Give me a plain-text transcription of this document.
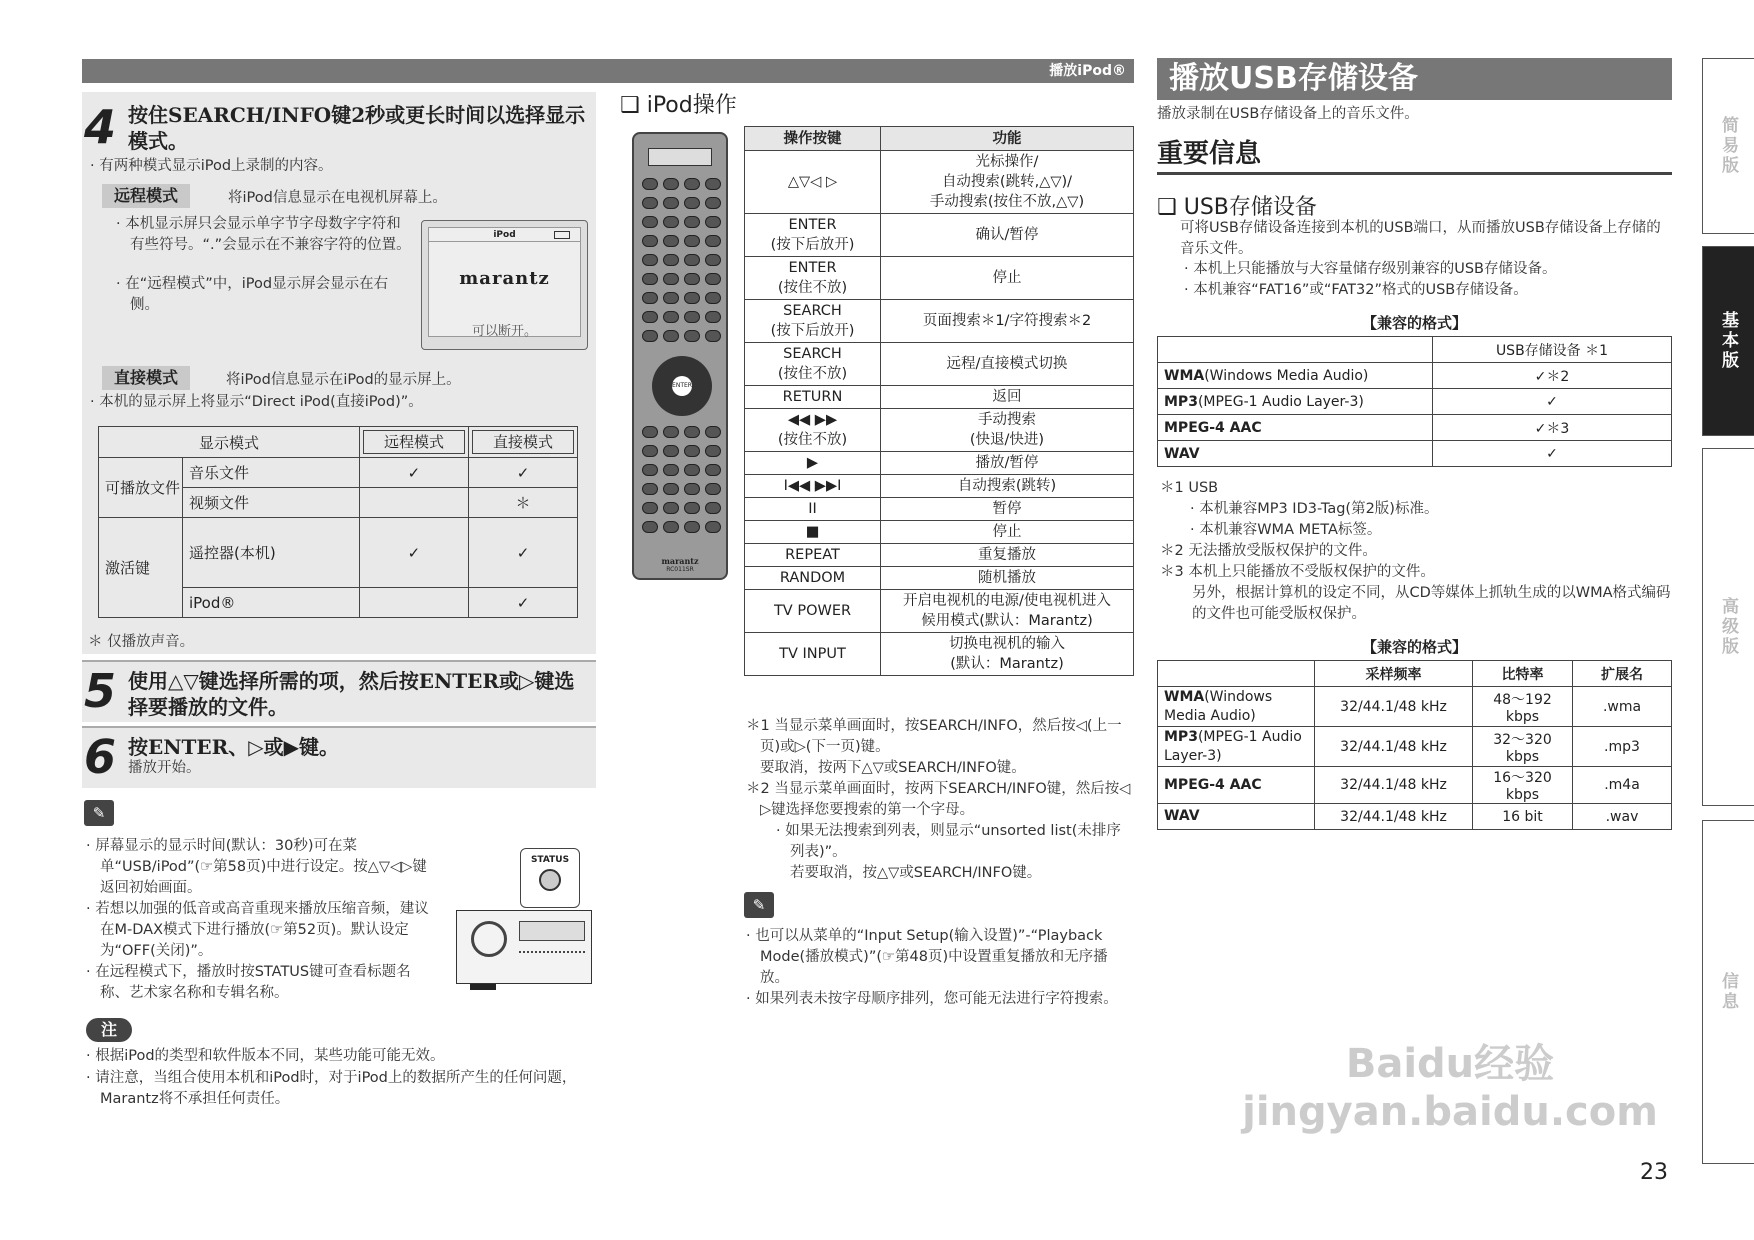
播放iPod®
4 按住SEARCH/INFO键2秒或更长时间以选择显示模式。
· 有两种模式显示iPod上录制的内容。
远程模式	将iPod信息显示在电视机屏幕上。
· 本机显示屏只会显示单字节字母数字字符和有些符号。“.”会显示在不兼容字符的位置。
· 在“远程模式”中，iPod显示屏会显示在右侧。
iPod
marantz
可以断开。
直接模式	将iPod信息显示在iPod的显示屏上。
· 本机的显示屏上将显示“Direct iPod(直接iPod)”。
显示模式		远程模式	直接模式

可播放文件	音乐文件	✓	✓
	视频文件		＊
激活键	遥控器(本机)	✓	✓
	iPod®		✓
＊ 仅播放声音。
5 使用△▽键选择所需的项，然后按ENTER或▷键选择要播放的文件。
6 按ENTER、▷或▶键。
播放开始。
✎
· 屏幕显示的显示时间(默认：30秒)可在菜单“USB/iPod”(☞第58页)中进行设定。按△▽◁▷键返回初始画面。
· 若想以加强的低音或高音重现来播放压缩音频，建议在M-DAX模式下进行播放(☞第52页)。默认设定为“OFF(关闭)”。
· 在远程模式下，播放时按STATUS键可查看标题名称、艺术家名称和专辑名称。
STATUS
注
· 根据iPod的类型和软件版本不同，某些功能可能无效。
· 请注意，当组合使用本机和iPod时，对于iPod上的数据所产生的任何问题，Marantz将不承担任何责任。
❑ iPod操作
ENTER
marantz
RC011SR
操作按键	功能
△▽◁ ▷	光标操作/
自动搜索(跳转,△▽)/
手动搜索(按住不放,△▽)
ENTER
(按下后放开)	确认/暂停
ENTER
(按住不放)	停止
SEARCH
(按下后放开)	页面搜索＊1/字符搜索＊2
SEARCH
(按住不放)	远程/直接模式切换
RETURN	返回
◀◀ ▶▶
(按住不放)	手动搜索
(快退/快进)
▶	播放/暂停
I◀◀ ▶▶I	自动搜索(跳转)
II	暂停
■	停止
REPEAT	重复播放
RANDOM	随机播放
TV POWER	开启电视机的电源/使电视机进入
候用模式(默认：Marantz)
TV INPUT	切换电视机的输入
(默认：Marantz)
＊1 当显示菜单画面时，按SEARCH/INFO，然后按◁(上一页)或▷(下一页)键。
要取消，按两下△▽或SEARCH/INFO键。
＊2 当显示菜单画面时，按两下SEARCH/INFO键，然后按◁ ▷键选择您要搜索的第一个字母。
· 如果无法搜索到列表，则显示“unsorted list(未排序列表)”。
若要取消，按△▽或SEARCH/INFO键。
✎
· 也可以从菜单的“Input Setup(输入设置)”-“Playback Mode(播放模式)”(☞第48页)中设置重复播放和无序播放。
· 如果列表未按字母顺序排列，您可能无法进行字符搜索。
播放USB存储设备
播放录制在USB存储设备上的音乐文件。
重要信息
❑ USB存储设备
可将USB存储设备连接到本机的USB端口，从而播放USB存储设备上存储的音乐文件。
· 本机上只能播放与大容量储存级别兼容的USB存储设备。
· 本机兼容“FAT16”或“FAT32”格式的USB存储设备。
【兼容的格式】
	USB存储设备 ＊1
WMA(Windows Media Audio)	✓＊2
MP3(MPEG-1 Audio Layer-3)	✓
MPEG-4 AAC	✓＊3
WAV	✓
＊1 USB
· 本机兼容MP3 ID3-Tag(第2版)标准。
· 本机兼容WMA META标签。
＊2 无法播放受版权保护的文件。
＊3 本机上只能播放不受版权保护的文件。
另外，根据计算机的设定不同，从CD等媒体上抓轨生成的以WMA格式编码的文件也可能受版权保护。
【兼容的格式】
	采样频率	比特率	扩展名
WMA(Windows Media Audio)	32/44.1/48 kHz	48～192 kbps	.wma
MP3(MPEG-1 Audio Layer-3)	32/44.1/48 kHz	32～320 kbps	.mp3
MPEG-4 AAC	32/44.1/48 kHz	16～320 kbps	.m4a
WAV	32/44.1/48 kHz	16 bit	.wav
简易版
基本版
高级版
信息
Baidu经验 jingyan.baidu.com
23
